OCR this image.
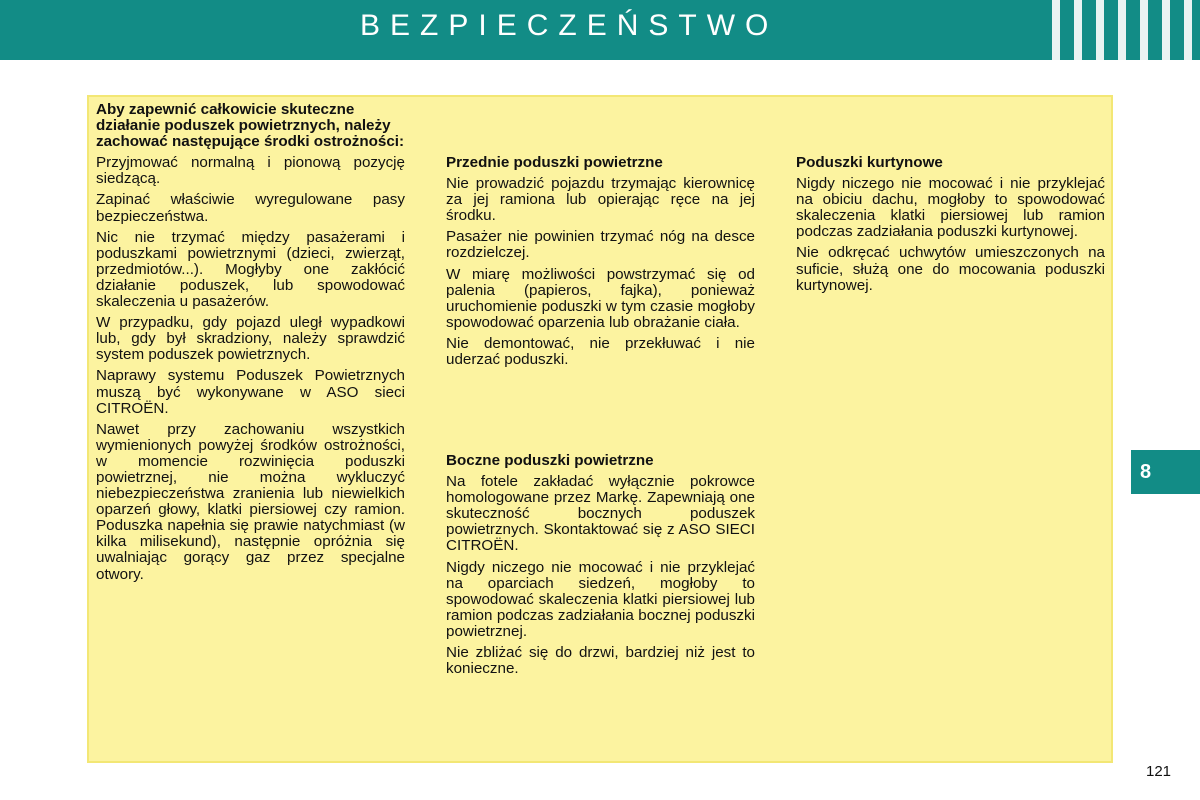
BEZPIECZEŃSTWO
Aby zapewnić całkowicie skuteczne działanie poduszek powietrznych, należy zachować następujące środki ostrożności:

Przyjmować normalną i pionową pozycję siedzącą.

Zapinać właściwie wyregulowane pasy bezpieczeństwa.

Nic nie trzymać między pasażerami i poduszkami powietrznymi (dzieci, zwierząt, przedmiotów...). Mogłyby one zakłócić działanie poduszek, lub spowodować skaleczenia u pasażerów.

W przypadku, gdy pojazd uległ wypadkowi lub, gdy był skradziony, należy sprawdzić system poduszek powietrznych.

Naprawy systemu Poduszek Powietrznych muszą być wykonywane w ASO sieci CITROËN.

Nawet przy zachowaniu wszystkich wymienionych powyżej środków ostrożności, w momencie rozwinięcia poduszki powietrznej, nie można wykluczyć niebezpieczeństwa zranienia lub niewielkich oparzeń głowy, klatki piersiowej czy ramion. Poduszka napełnia się prawie natychmiast (w kilka milisekund), następnie opróżnia się uwalniając gorący gaz przez specjalne otwory.

Przednie poduszki powietrzne

Nie prowadzić pojazdu trzymając kierownicę za jej ramiona lub opierając ręce na jej środku.

Pasażer nie powinien trzymać nóg na desce rozdzielczej.

W miarę możliwości powstrzymać się od palenia (papieros, fajka), ponieważ uruchomienie poduszki w tym czasie mogłoby spowodować oparzenia lub obrażanie ciała.

Nie demontować, nie przekłuwać i nie uderzać poduszki.

Boczne poduszki powietrzne

Na fotele zakładać wyłącznie pokrowce homologowane przez Markę. Zapewniają one skuteczność bocznych poduszek powietrznych. Skontaktować się z ASO SIECI CITROËN.

Nigdy niczego nie mocować i nie przyklejać na oparciach siedzeń, mogłoby to spowodować skaleczenia klatki piersiowej lub ramion podczas zadziałania bocznej poduszki powietrznej.

Nie zbliżać się do drzwi, bardziej niż jest to konieczne.

Poduszki kurtynowe

Nigdy niczego nie mocować i nie przyklejać na obiciu dachu, mogłoby to spowodować skaleczenia klatki piersiowej lub ramion podczas zadziałania poduszki kurtynowej.

Nie odkręcać uchwytów umieszczonych na suficie, służą one do mocowania poduszki kurtynowej.

8
121
